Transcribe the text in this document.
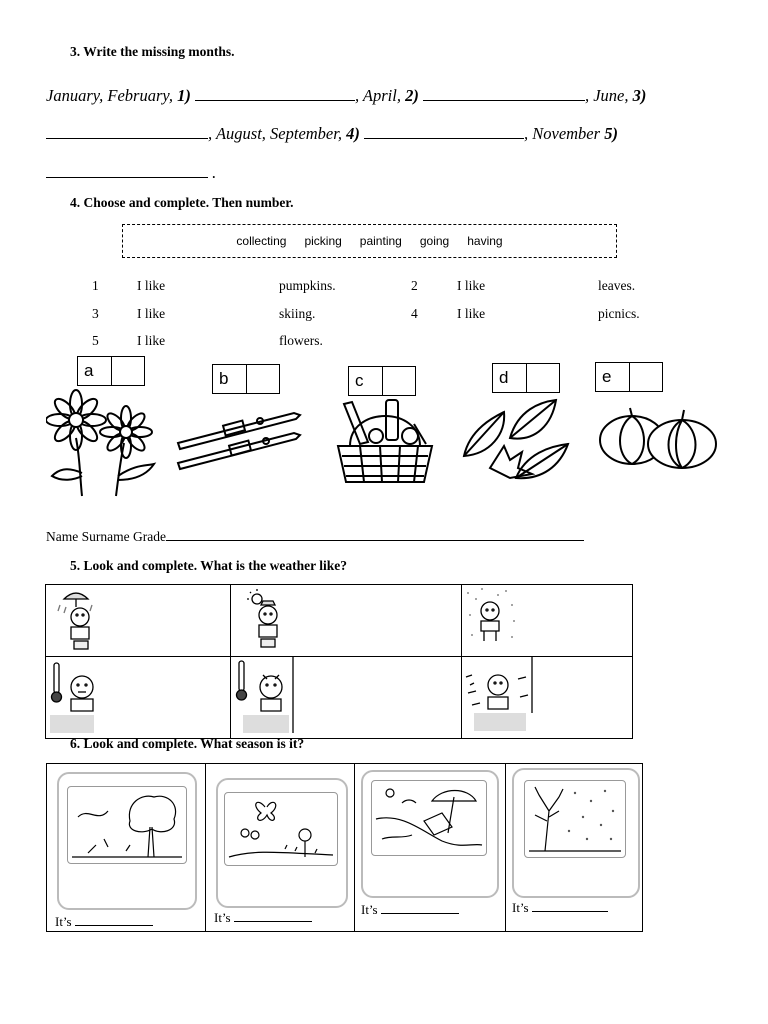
3. Write the missing months.
January, February, 1)	, April, 2)	, June, 3)
, August, September, 4)	, November 5)
.
4. Choose and complete. Then number.
collecting picking painting going having
1	I like	pumpkins.	2	I like	leaves.
3	I like	skiing.	4	I like	picnics.
5	I like	flowers.
a	b	c	d	e
Name Surname Grade
5. Look and complete. What is the weather like?

6. Look and complete. What season is it?
It’s	It’s

It’s	It’s
